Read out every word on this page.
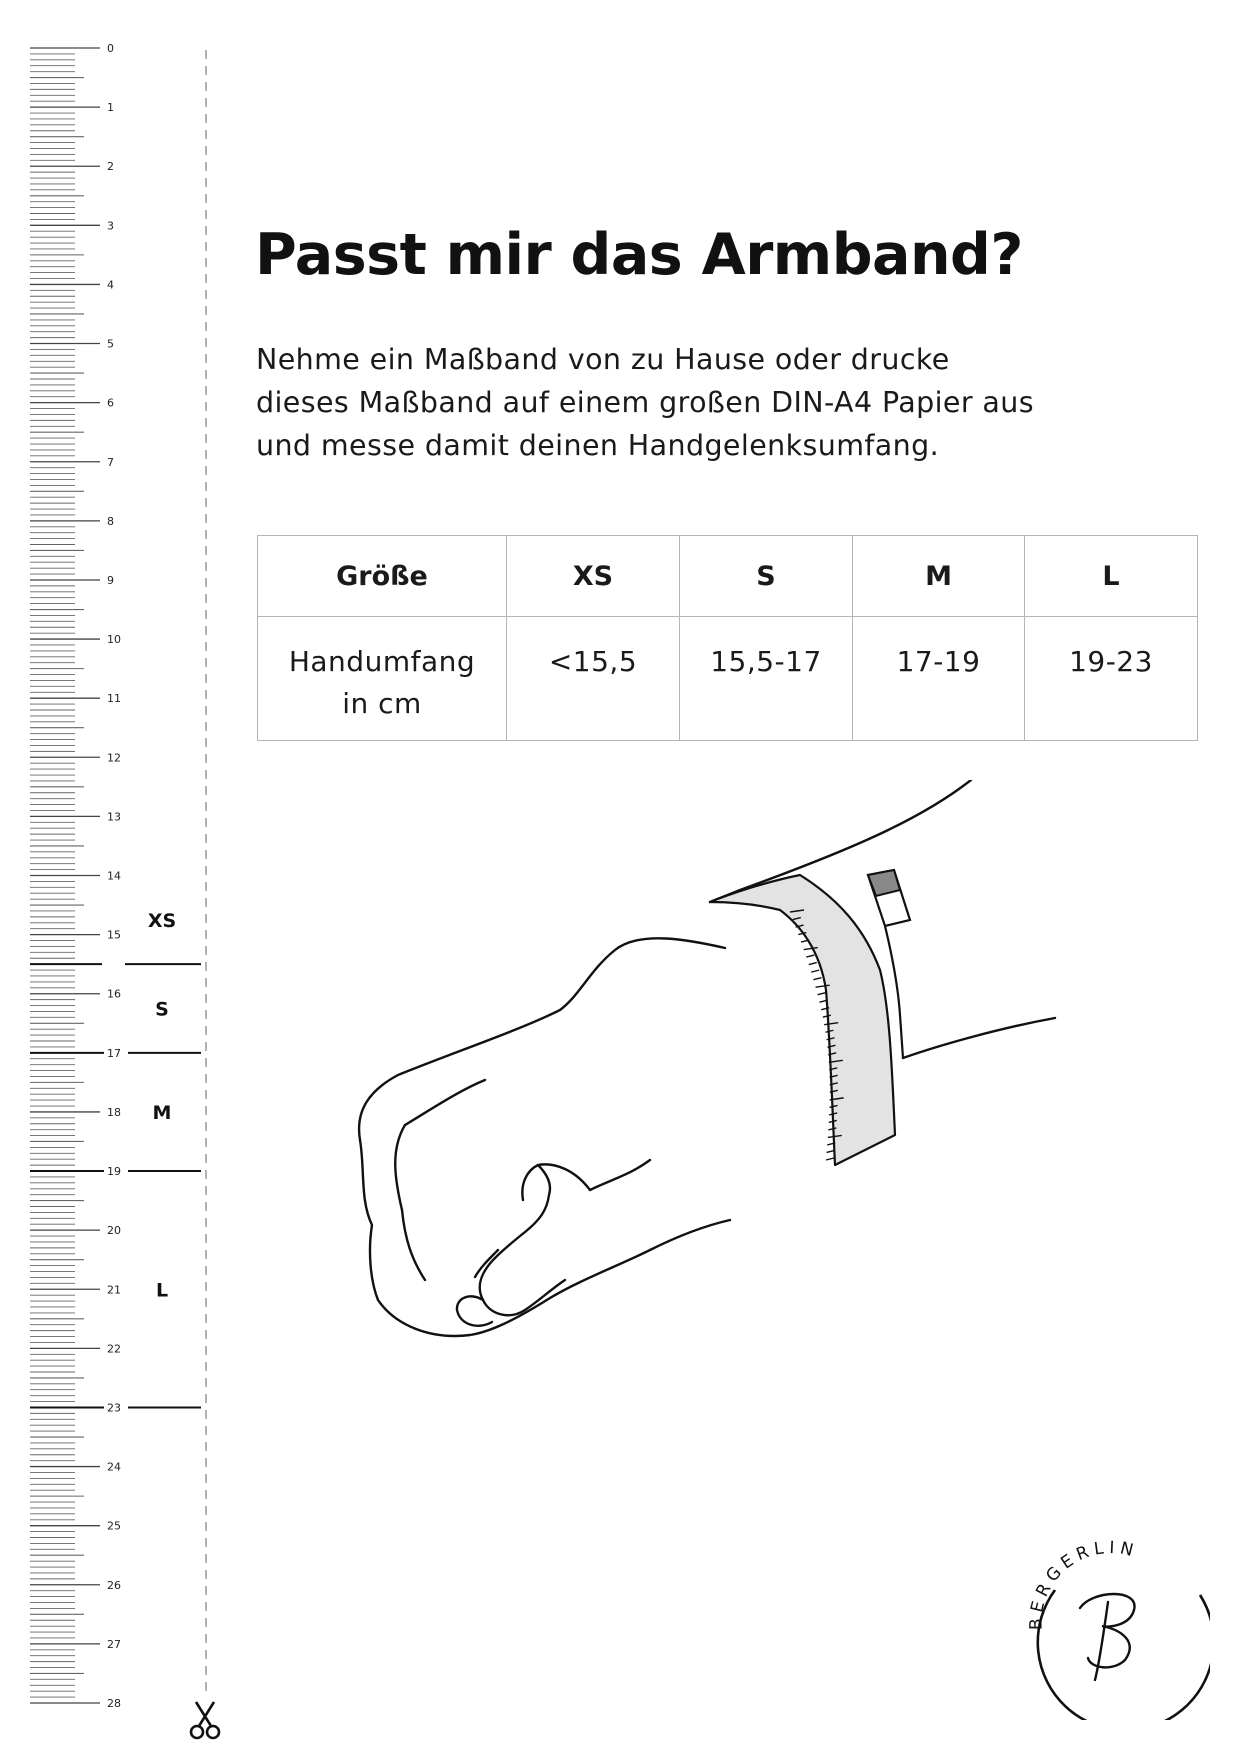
0
1
2
3
4
5
6
7
8
9
10
11
12
13
14
15
16
17
18
19
20
21
22
23
24
25
26
27
28
XS
S
M
L
Passt mir das Armband?
Nehme ein Maßband von zu Hause oder drucke
dieses Maßband auf einem großen DIN-A4 Papier aus
und messe damit deinen Handgelenksumfang.
Größe	XS	S	M	L
Handumfang
in cm	<15,5	15,5-17	17-19	19-23
BERGERLIN
